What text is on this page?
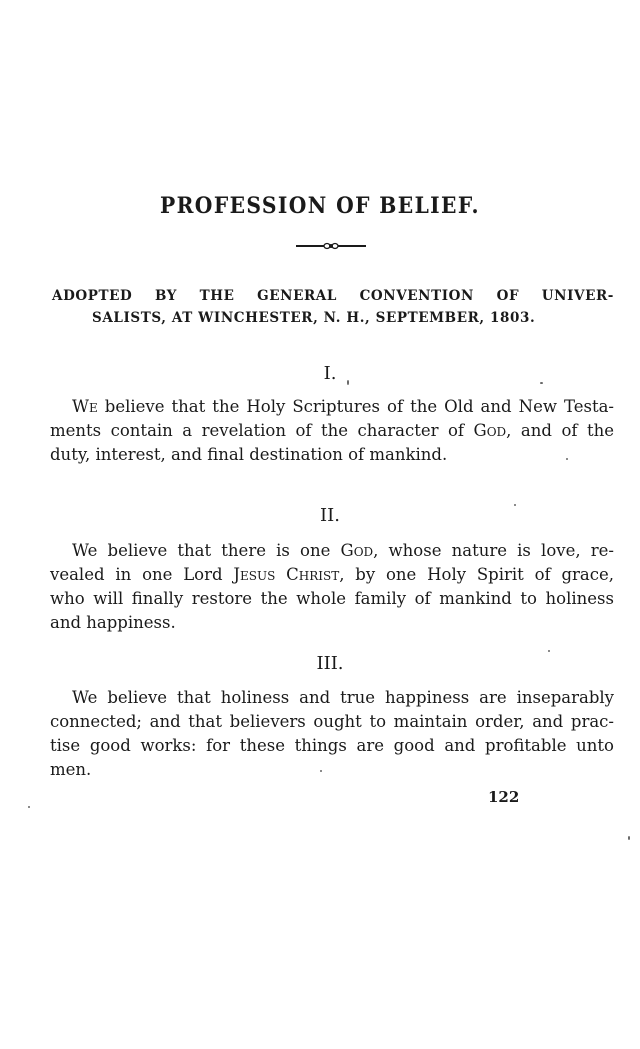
PROFESSION OF BELIEF.
ADOPTED BY THE GENERAL CONVENTION OF UNIVER-
SALISTS, AT WINCHESTER, N. H., SEPTEMBER, 1803.
I.
We believe that the Holy Scriptures of the Old and New Testa-
ments contain a revelation of the character of God, and of the
duty, interest, and final destination of mankind.
II.
We believe that there is one God, whose nature is love, re-
vealed in one Lord Jesus Christ, by one Holy Spirit of grace,
who will finally restore the whole family of mankind to holiness
and happiness.
III.
We believe that holiness and true happiness are inseparably
connected; and that believers ought to maintain order, and prac-
tise good works: for these things are good and profitable unto
men.
122
